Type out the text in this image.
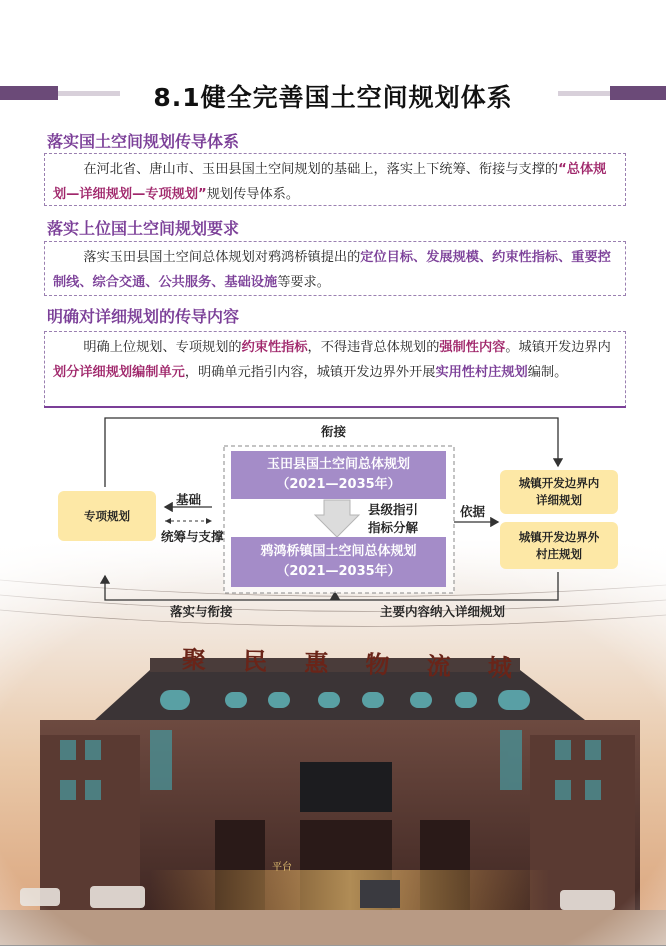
8.1健全完善国土空间规划体系
落实国土空间规划传导体系

在河北省、唐山市、玉田县国土空间规划的基础上，落实上下统筹、衔接与支撑的“总体规划—详细规划—专项规划”规划传导体系。

落实上位国土空间规划要求

落实玉田县国土空间总体规划对鸦鸿桥镇提出的定位目标、发展规模、约束性指标、重要控制线、综合交通、公共服务、基础设施等要求。

明确对详细规划的传导内容

明确上位规划、专项规划的约束性指标，不得违背总体规划的强制性内容。城镇开发边界内划分详细规划编制单元，明确单元指引内容，城镇开发边界外开展实用性村庄规划编制。

聚 民 惠 物 流 城
平台
玉田县国土空间总体规划
（2021—2035年）
鸦鸿桥镇国土空间总体规划
（2021—2035年）
专项规划
城镇开发边界内
详细规划
城镇开发边界外
村庄规划
衔接
基础
统筹与支撑
县级指引
指标分解
依据
落实与衔接	主要内容纳入详细规划
